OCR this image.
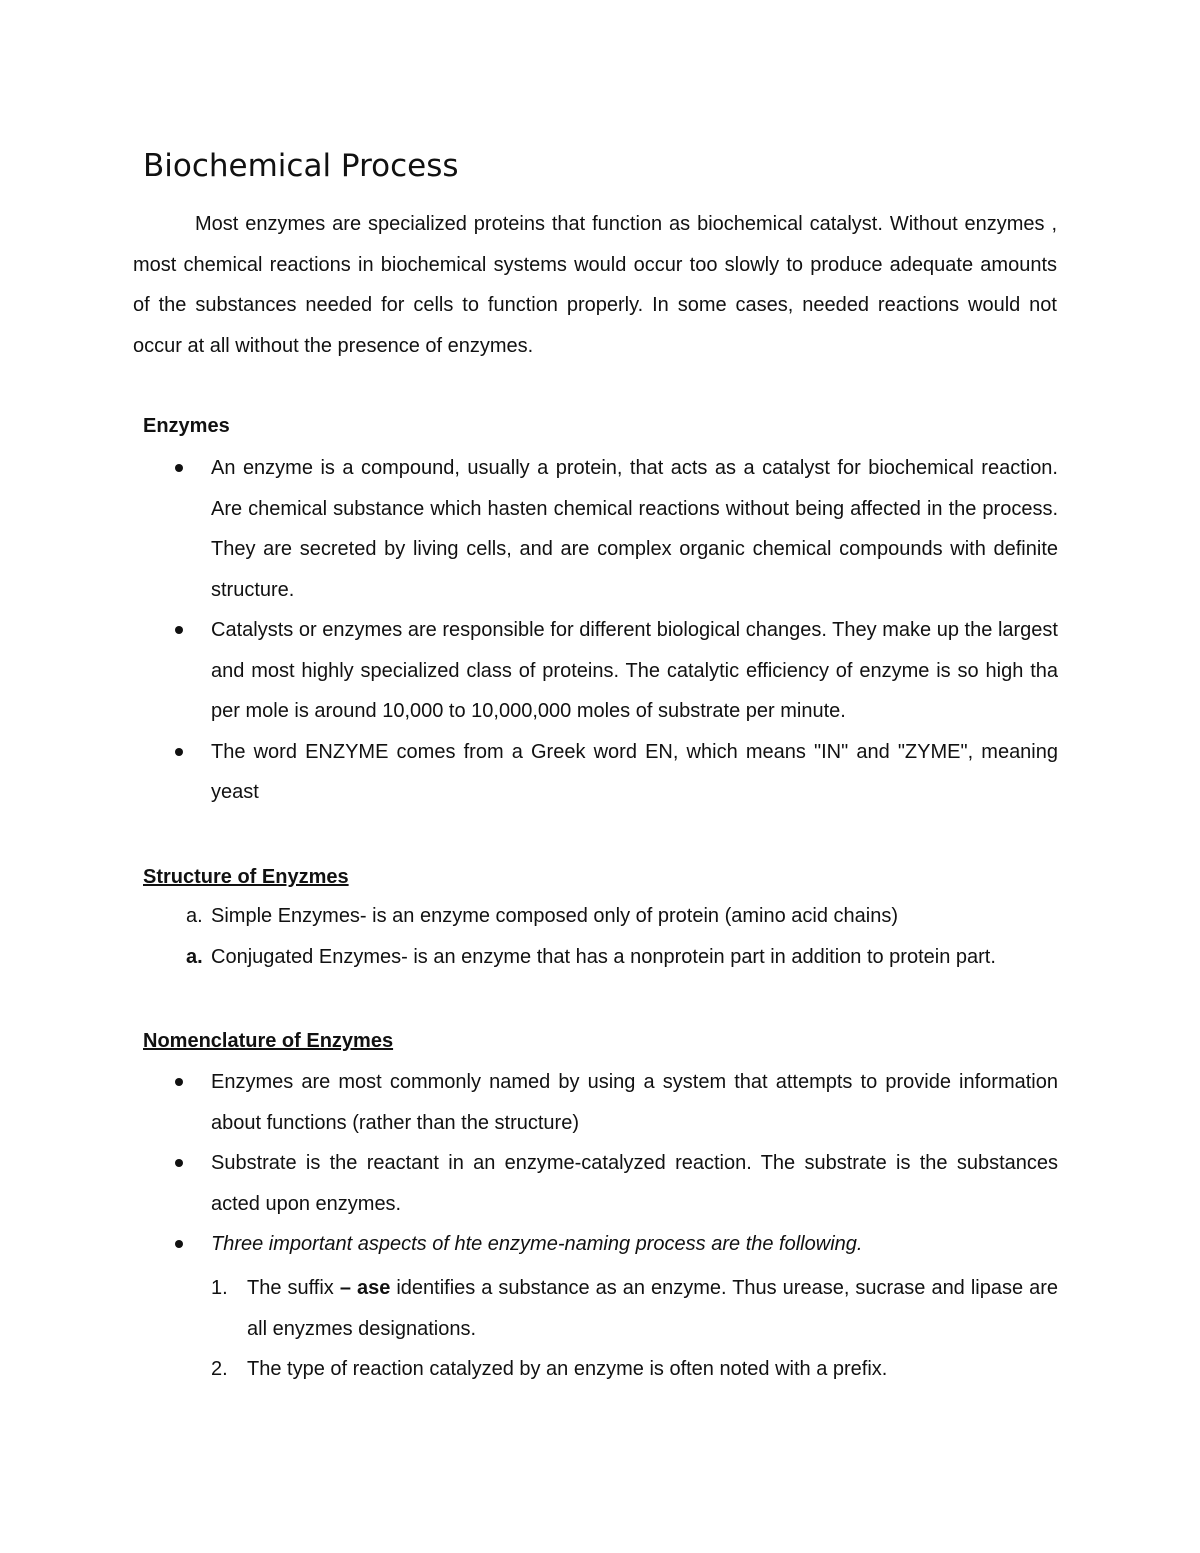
Biochemical Process

Most enzymes are specialized proteins that function as biochemical catalyst. Without enzymes , most chemical reactions in biochemical systems would occur too slowly to produce adequate amounts of the substances needed for cells to function properly. In some cases, needed reactions would not occur at all without the presence of enzymes.

Enzymes
An enzyme is a compound, usually a protein, that acts as a catalyst for biochemical reaction. Are chemical substance which hasten chemical reactions without being affected in the process. They are secreted by living cells, and are complex organic chemical compounds with definite structure.
Catalysts or enzymes are responsible for different biological changes. They make up the largest and most highly specialized class of proteins. The catalytic efficiency of enzyme is so high tha per mole is around 10,000 to 10,000,000 moles of substrate per minute.
The word ENZYME comes from a Greek word EN, which means "IN" and "ZYME", meaning yeast
Structure of Enyzmes
a. Simple Enzymes- is an enzyme composed only of protein (amino acid chains)
a. Conjugated Enzymes- is an enzyme that has a nonprotein part in addition to protein part.
Nomenclature of Enzymes
Enzymes are most commonly named by using a system that attempts to provide information about functions (rather than the structure)
Substrate is the reactant in an enzyme-catalyzed reaction. The substrate is the substances acted upon enzymes.
Three important aspects of hte enzyme-naming process are the following.
1. The suffix – ase identifies a substance as an enzyme. Thus urease, sucrase and lipase are all enyzmes designations.
2. The type of reaction catalyzed by an enzyme is often noted with a prefix.
